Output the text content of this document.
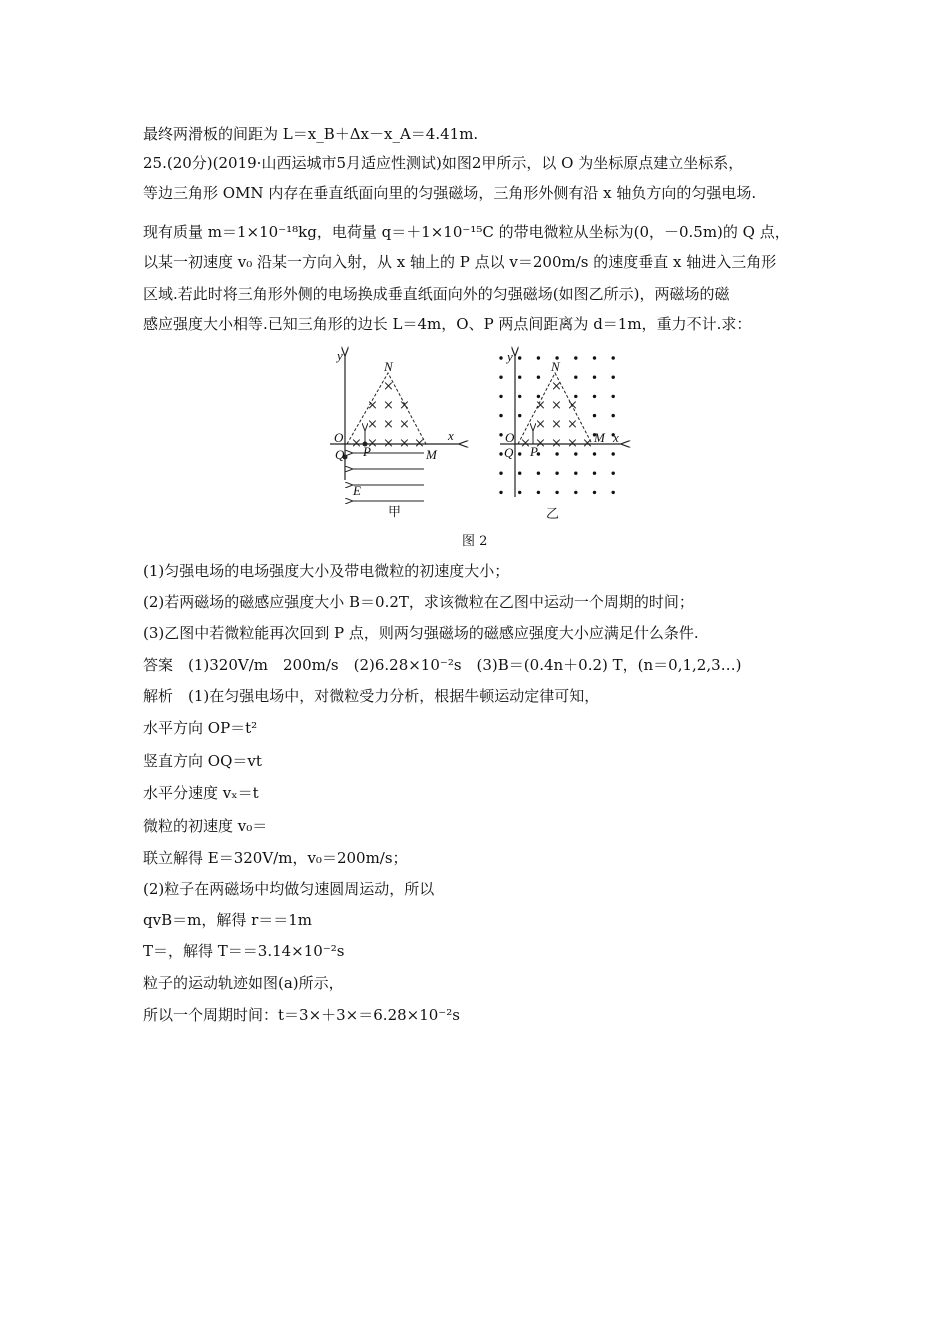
最终两滑板的间距为 L＝x_B＋Δx－x_A＝4.41m.
25.(20分)(2019·山西运城市5月适应性测试)如图2甲所示，以 O 为坐标原点建立坐标系，
等边三角形 OMN 内存在垂直纸面向里的匀强磁场，三角形外侧有沿 x 轴负方向的匀强电场.
现有质量 m＝1×10⁻¹⁸kg，电荷量 q＝＋1×10⁻¹⁵C 的带电微粒从坐标为(0，－0.5m)的 Q 点，
以某一初速度 v₀ 沿某一方向入射，从 x 轴上的 P 点以 v＝200m/s 的速度垂直 x 轴进入三角形
区域.若此时将三角形外侧的电场换成垂直纸面向外的匀强磁场(如图乙所示)，两磁场的磁
感应强度大小相等.已知三角形的边长 L＝4m，O、P 两点间距离为 d＝1m，重力不计.求：
(1)匀强电场的电场强度大小及带电微粒的初速度大小；
(2)若两磁场的磁感应强度大小 B＝0.2T，求该微粒在乙图中运动一个周期的时间；
(3)乙图中若微粒能再次回到 P 点，则两匀强磁场的磁感应强度大小应满足什么条件.
答案　(1)320V/m　200m/s　(2)6.28×10⁻²s　(3)B＝(0.4n＋0.2) T，(n＝0,1,2,3…)
解析　(1)在匀强电场中，对微粒受力分析，根据牛顿运动定律可知，
水平方向 OP＝t²
竖直方向 OQ＝vt
水平分速度 vₓ＝t
微粒的初速度 v₀＝
联立解得 E＝320V/m，v₀＝200m/s；
(2)粒子在两磁场中均做匀速圆周运动，所以
qvB＝m，解得 r＝＝1m
T＝，解得 T＝＝3.14×10⁻²s
粒子的运动轨迹如图(a)所示，
所以一个周期时间：t＝3×＋3×＝6.28×10⁻²s
×
× × ×
× × ×
× × × × ×
y
N
O
Q P	M
x
E
甲
×
× × ×
× × ×
× × × × ×
y
N
O
Q P
M x
乙
图 2
